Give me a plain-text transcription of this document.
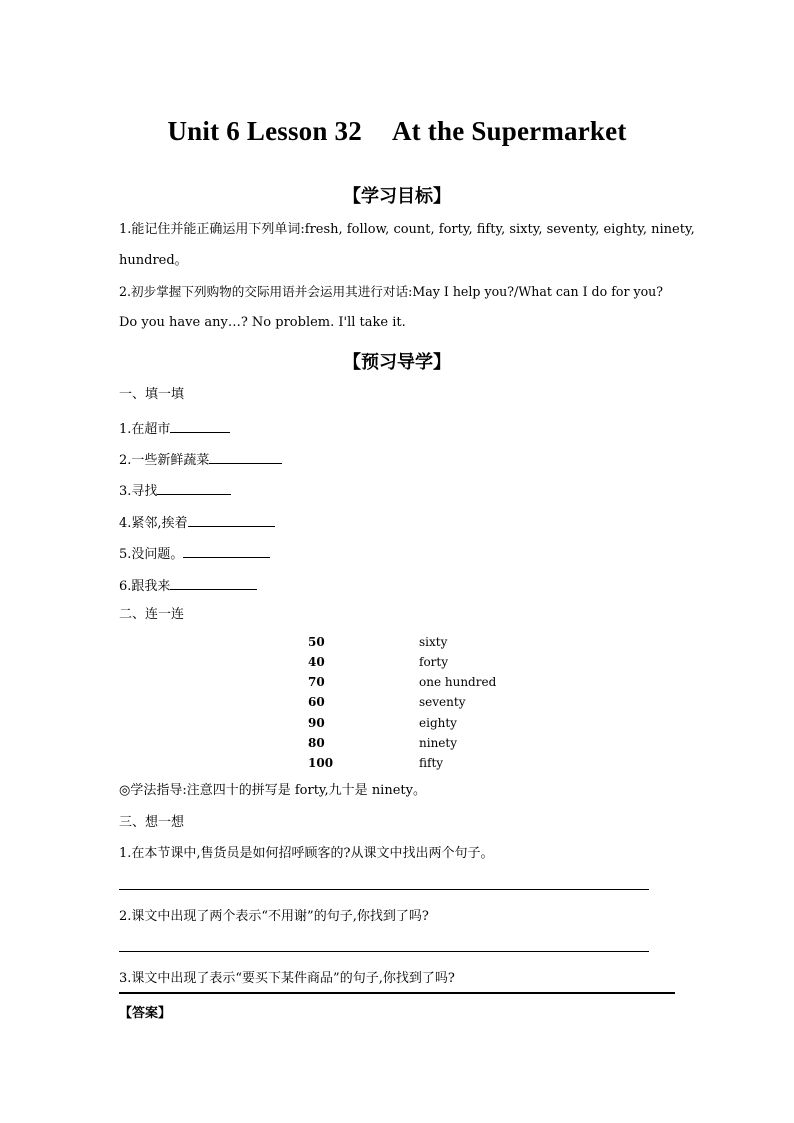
Unit 6 Lesson 32 At the Supermarket
【学习目标】
1.能记住并能正确运用下列单词:fresh, follow, count, forty, fifty, sixty, seventy, eighty, ninety,
hundred。
2.初步掌握下列购物的交际用语并会运用其进行对话:May I help you?/What can I do for you?
Do you have any…? No problem. I'll take it.
【预习导学】
一、填一填
1.在超市
2.一些新鲜蔬菜
3.寻找
4.紧邻,挨着
5.没问题。
6.跟我来
二、连一连
50
40
70
60
90
80
100
sixty
forty
one hundred
seventy
eighty
ninety
fifty
◎学法指导:注意四十的拼写是 forty,九十是 ninety。
三、想一想
1.在本节课中,售货员是如何招呼顾客的?从课文中找出两个句子。
2.课文中出现了两个表示“不用谢”的句子,你找到了吗?
3.课文中出现了表示“要买下某件商品”的句子,你找到了吗?
【答案】
